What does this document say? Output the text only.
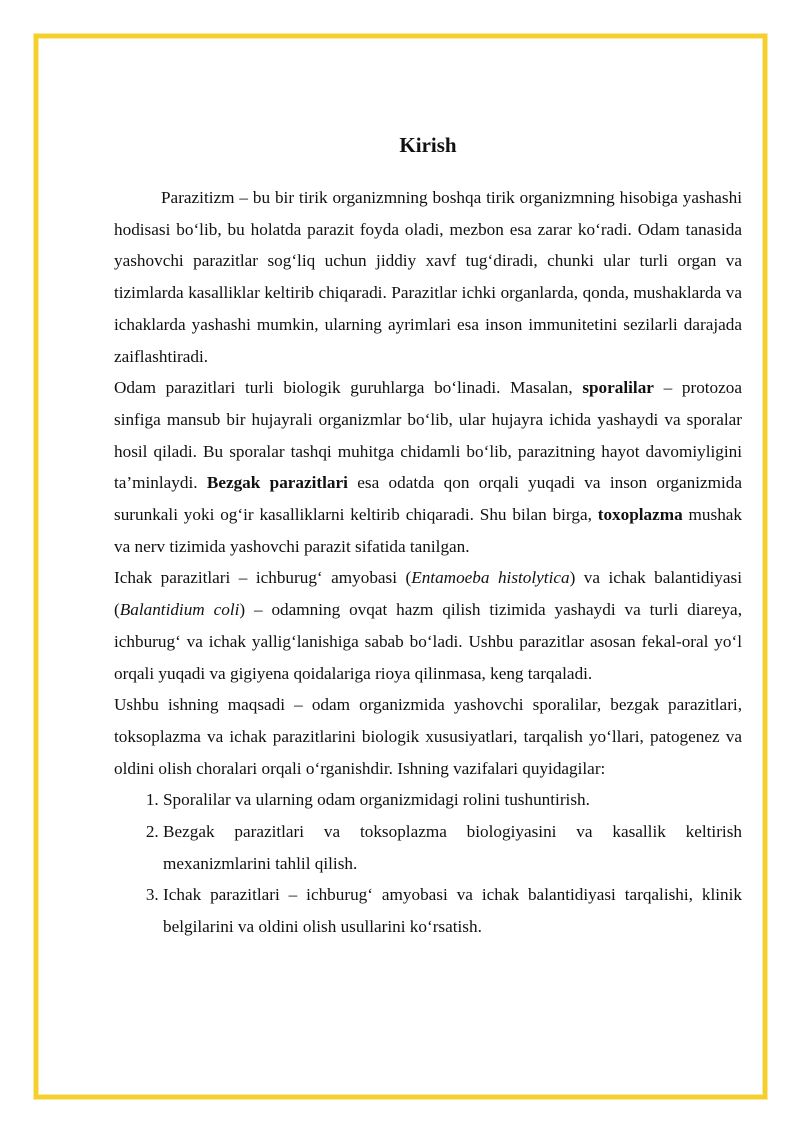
Kirish

Parazitizm – bu bir tirik organizmning boshqa tirik organizmning hisobiga yashashi hodisasi bo‘lib, bu holatda parazit foyda oladi, mezbon esa zarar ko‘radi. Odam tanasida yashovchi parazitlar sog‘liq uchun jiddiy xavf tug‘diradi, chunki ular turli organ va tizimlarda kasalliklar keltirib chiqaradi. Parazitlar ichki organlarda, qonda, mushaklarda va ichaklarda yashashi mumkin, ularning ayrimlari esa inson immunitetini sezilarli darajada zaiflashtiradi.

Odam parazitlari turli biologik guruhlarga bo‘linadi. Masalan, sporalilar – protozoa sinfiga mansub bir hujayrali organizmlar bo‘lib, ular hujayra ichida yashaydi va sporalar hosil qiladi. Bu sporalar tashqi muhitga chidamli bo‘lib, parazitning hayot davomiyligini ta’minlaydi. Bezgak parazitlari esa odatda qon orqali yuqadi va inson organizmida surunkali yoki og‘ir kasalliklarni keltirib chiqaradi. Shu bilan birga, toxoplazma mushak va nerv tizimida yashovchi parazit sifatida tanilgan.

Ichak parazitlari – ichburug‘ amyobasi (Entamoeba histolytica) va ichak balantidiyasi (Balantidium coli) – odamning ovqat hazm qilish tizimida yashaydi va turli diareya, ichburug‘ va ichak yallig‘lanishiga sabab bo‘ladi. Ushbu parazitlar asosan fekal-oral yo‘l orqali yuqadi va gigiyena qoidalariga rioya qilinmasa, keng tarqaladi.

Ushbu ishning maqsadi – odam organizmida yashovchi sporalilar, bezgak parazitlari, toksoplazma va ichak parazitlarini biologik xususiyatlari, tarqalish yo‘llari, patogenez va oldini olish choralari orqali o‘rganishdir. Ishning vazifalari quyidagilar:

1. Sporalilar va ularning odam organizmidagi rolini tushuntirish.
2. Bezgak parazitlari va toksoplazma biologiyasini va kasallik keltirish mexanizmlarini tahlil qilish.
3. Ichak parazitlari – ichburug‘ amyobasi va ichak balantidiyasi tarqalishi, klinik belgilarini va oldini olish usullarini ko‘rsatish.
